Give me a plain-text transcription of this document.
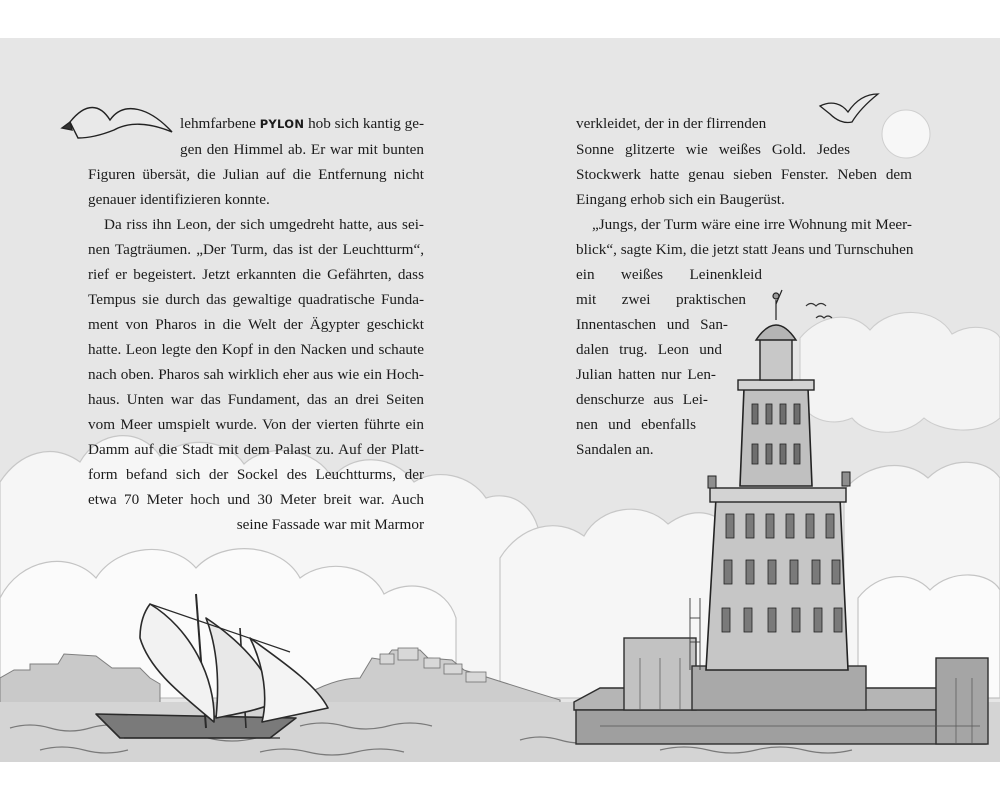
lehmfarbene PYLON hob sich kantig ge-
gen den Himmel ab. Er war mit bunten
Figuren übersät, die Julian auf die Entfernung nicht
genauer identifizieren konnte.
Da riss ihn Leon, der sich umgedreht hatte, aus sei-
nen Tagträumen. „Der Turm, das ist der Leuchtturm“,
rief er begeistert. Jetzt erkannten die Gefährten, dass
Tempus sie durch das gewaltige quadratische Funda-
ment von Pharos in die Welt der Ägypter geschickt
hatte. Leon legte den Kopf in den Nacken und schaute
nach oben. Pharos sah wirklich eher aus wie ein Hoch-
haus. Unten war das Fundament, das an drei Seiten
vom Meer umspielt wurde. Von der vierten führte ein
Damm auf die Stadt mit dem Palast zu. Auf der Platt-
form befand sich der Sockel des Leuchtturms, der
etwa 70 Meter hoch und 30 Meter breit war. Auch
seine Fassade war mit Marmor
verkleidet, der in der flirrenden
Sonne glitzerte wie weißes Gold. Jedes
Stockwerk hatte genau sieben Fenster. Neben dem
Eingang erhob sich ein Baugerüst.
„Jungs, der Turm wäre eine irre Wohnung mit Meer-
blick“, sagte Kim, die jetzt statt Jeans und Turnschuhen
ein weißes Leinenkleid
mit zwei praktischen
Innentaschen und San-
dalen trug. Leon und
Julian hatten nur Len-
denschurze aus Lei-
nen und ebenfalls
Sandalen an.
